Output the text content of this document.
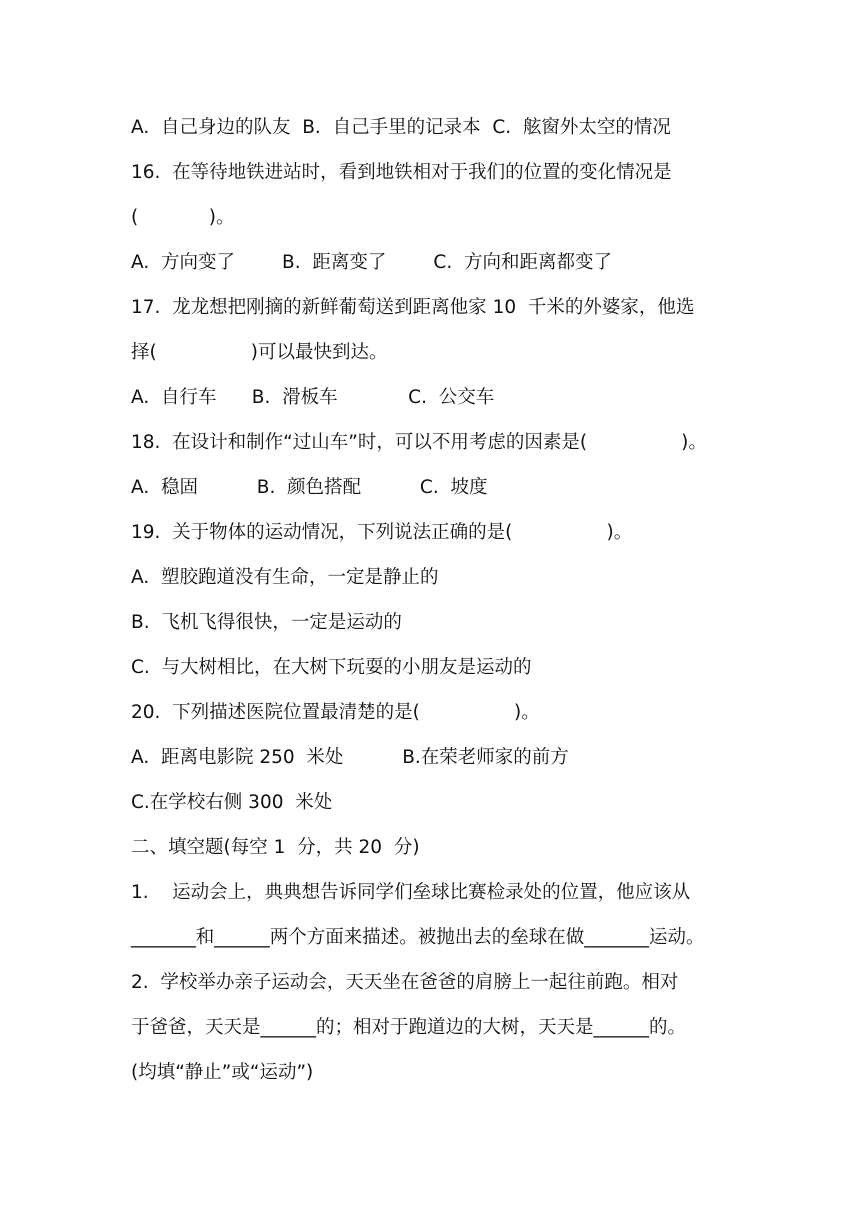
A.  自己身边的队友  B.  自己手里的记录本  C.  舷窗外太空的情况
16.  在等待地铁进站时，看到地铁相对于我们的位置的变化情况是
(            )。
A.  方向变了        B.  距离变了        C.  方向和距离都变了
17.  龙龙想把刚摘的新鲜葡萄送到距离他家 10  千米的外婆家，他选
择(                )可以最快到达。
A.  自行车      B.  滑板车            C.  公交车
18.  在设计和制作“过山车”时，可以不用考虑的因素是(                )。
A.  稳固          B.  颜色搭配          C.  坡度
19.  关于物体的运动情况，下列说法正确的是(                )。
A.  塑胶跑道没有生命，一定是静止的
B.  飞机飞得很快，一定是运动的
C.  与大树相比，在大树下玩耍的小朋友是运动的
20.  下列描述医院位置最清楚的是(                )。
A.  距离电影院 250  米处          B.在荣老师家的前方
C.在学校右侧 300  米处
二、填空题(每空 1  分，共 20  分)
1.    运动会上，典典想告诉同学们垒球比赛检录处的位置，他应该从
_______和______两个方面来描述。被抛出去的垒球在做_______运动。
2.  学校举办亲子运动会，天天坐在爸爸的肩膀上一起往前跑。相对
于爸爸，天天是______的；相对于跑道边的大树，天天是______的。
(均填“静止”或“运动”)
